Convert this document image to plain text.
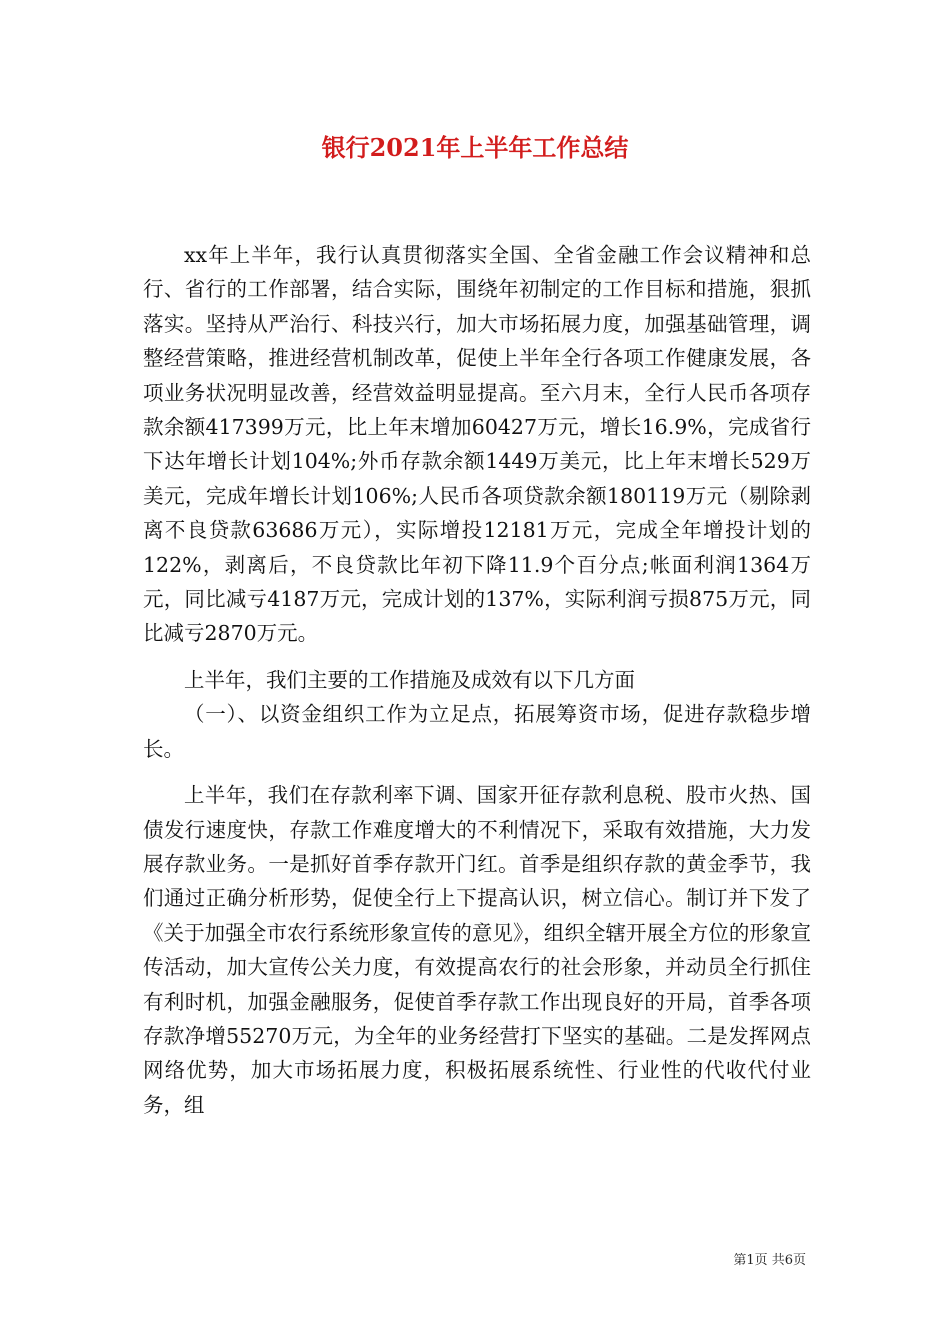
银行2021年上半年工作总结

xx年上半年，我行认真贯彻落实全国、全省金融工作会议精神和总行、省行的工作部署，结合实际，围绕年初制定的工作目标和措施，狠抓落实。坚持从严治行、科技兴行，加大市场拓展力度，加强基础管理，调整经营策略，推进经营机制改革，促使上半年全行各项工作健康发展，各项业务状况明显改善，经营效益明显提高。至六月末，全行人民币各项存款余额417399万元，比上年末增加60427万元，增长16.9%，完成省行下达年增长计划104%;外币存款余额1449万美元，比上年末增长529万美元，完成年增长计划106%;人民币各项贷款余额180119万元（剔除剥离不良贷款63686万元），实际增投12181万元，完成全年增投计划的122%，剥离后，不良贷款比年初下降11.9个百分点;帐面利润1364万元，同比减亏4187万元，完成计划的137%，实际利润亏损875万元，同比减亏2870万元。

上半年，我们主要的工作措施及成效有以下几方面

（一）、以资金组织工作为立足点，拓展筹资市场，促进存款稳步增长。

上半年，我们在存款利率下调、国家开征存款利息税、股市火热、国债发行速度快，存款工作难度增大的不利情况下，采取有效措施，大力发展存款业务。一是抓好首季存款开门红。首季是组织存款的黄金季节，我们通过正确分析形势，促使全行上下提高认识，树立信心。制订并下发了《关于加强全市农行系统形象宣传的意见》，组织全辖开展全方位的形象宣传活动，加大宣传公关力度，有效提高农行的社会形象，并动员全行抓住有利时机，加强金融服务，促使首季存款工作出现良好的开局，首季各项存款净增55270万元，为全年的业务经营打下坚实的基础。二是发挥网点网络优势，加大市场拓展力度，积极拓展系统性、行业性的代收代付业务，组

第1页 共6页
